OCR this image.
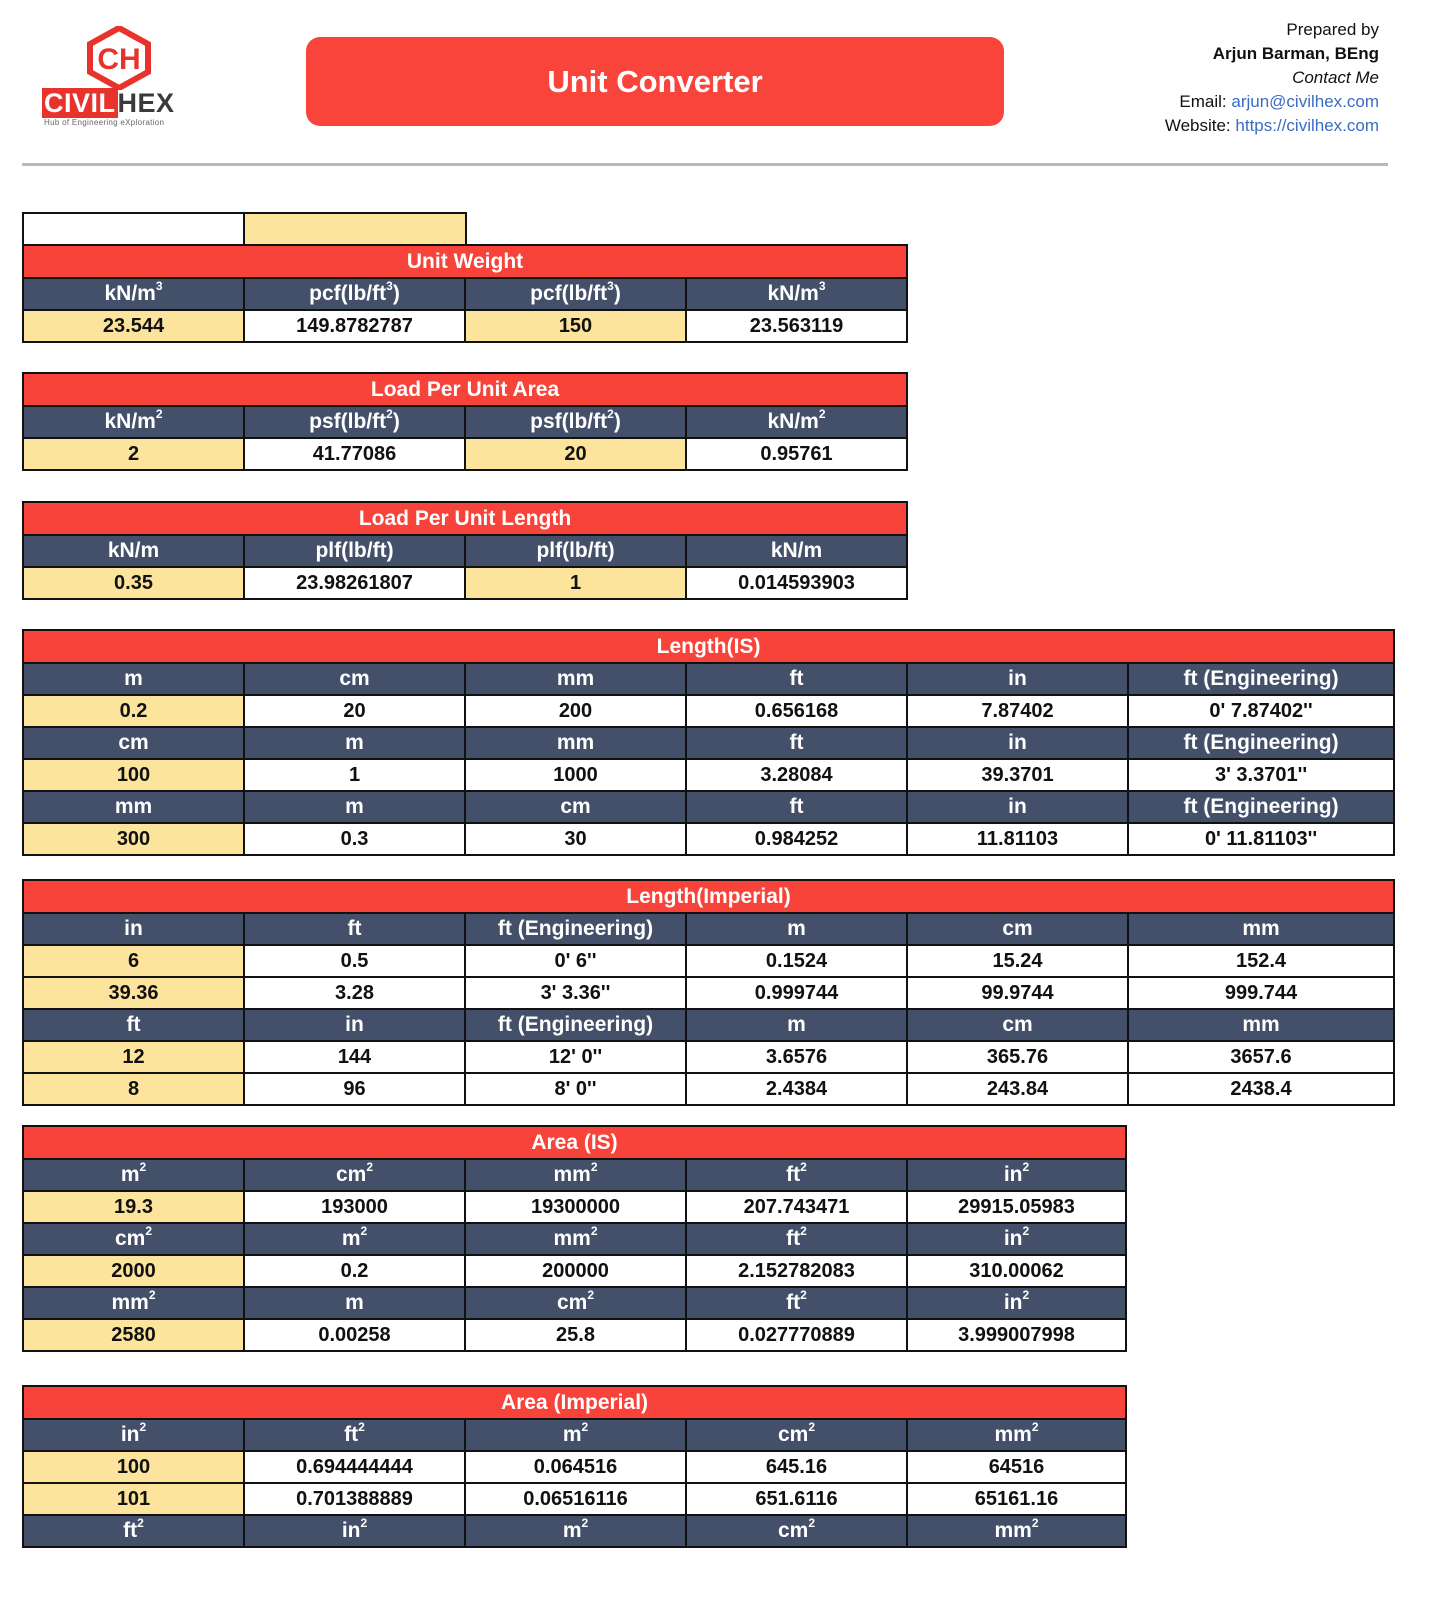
CH
CIVILHEX
Hub of Engineering eXploration
Unit Converter
Prepared by
Arjun Barman, BEng
Contact Me
Email: arjun@civilhex.com
Website: https://civilhex.com

Unit Weight			
$kN/m^3$	$pcf(lb/ft^3)$	$pcf(lb/ft^3)$	$kN/m^3$
23.544	149.8782787	150	23.563119
Load Per Unit Area			
$kN/m^2$	$psf(lb/ft^2)$	$psf(lb/ft^2)$	$kN/m^2$
2	41.77086	20	0.95761
Load Per Unit Length			
kN/m	plf(lb/ft)	plf(lb/ft)	kN/m
0.35	23.98261807	1	0.014593903
Length(IS)					
m	cm	mm	ft	in	ft (Engineering)
0.2	20	200	0.656168	7.87402	0' 7.87402''
cm	m	mm	ft	in	ft (Engineering)
100	1	1000	3.28084	39.3701	3' 3.3701''
mm	m	cm	ft	in	ft (Engineering)
300	0.3	30	0.984252	11.81103	0' 11.81103''
Length(Imperial)					
in	ft	ft (Engineering)	m	cm	mm
6	0.5	0' 6''	0.1524	15.24	152.4
39.36	3.28	3' 3.36''	0.999744	99.9744	999.744
ft	in	ft (Engineering)	m	cm	mm
12	144	12' 0''	3.6576	365.76	3657.6
8	96	8' 0''	2.4384	243.84	2438.4
Area (IS)				
$m^2$	$cm^2$	$mm^2$	$ft^2$	$in^2$
19.3	193000	19300000	207.743471	29915.05983
$cm^2$	$m^2$	$mm^2$	$ft^2$	$in^2$
2000	0.2	200000	2.152782083	310.00062
$mm^2$	m	$cm^2$	$ft^2$	$in^2$
2580	0.00258	25.8	0.027770889	3.999007998
Area (Imperial)				
$in^2$	$ft^2$	$m^2$	$cm^2$	$mm^2$
100	0.694444444	0.064516	645.16	64516
101	0.701388889	0.06516116	651.6116	65161.16
$ft^2$	$in^2$	$m^2$	$cm^2$	$mm^2$
